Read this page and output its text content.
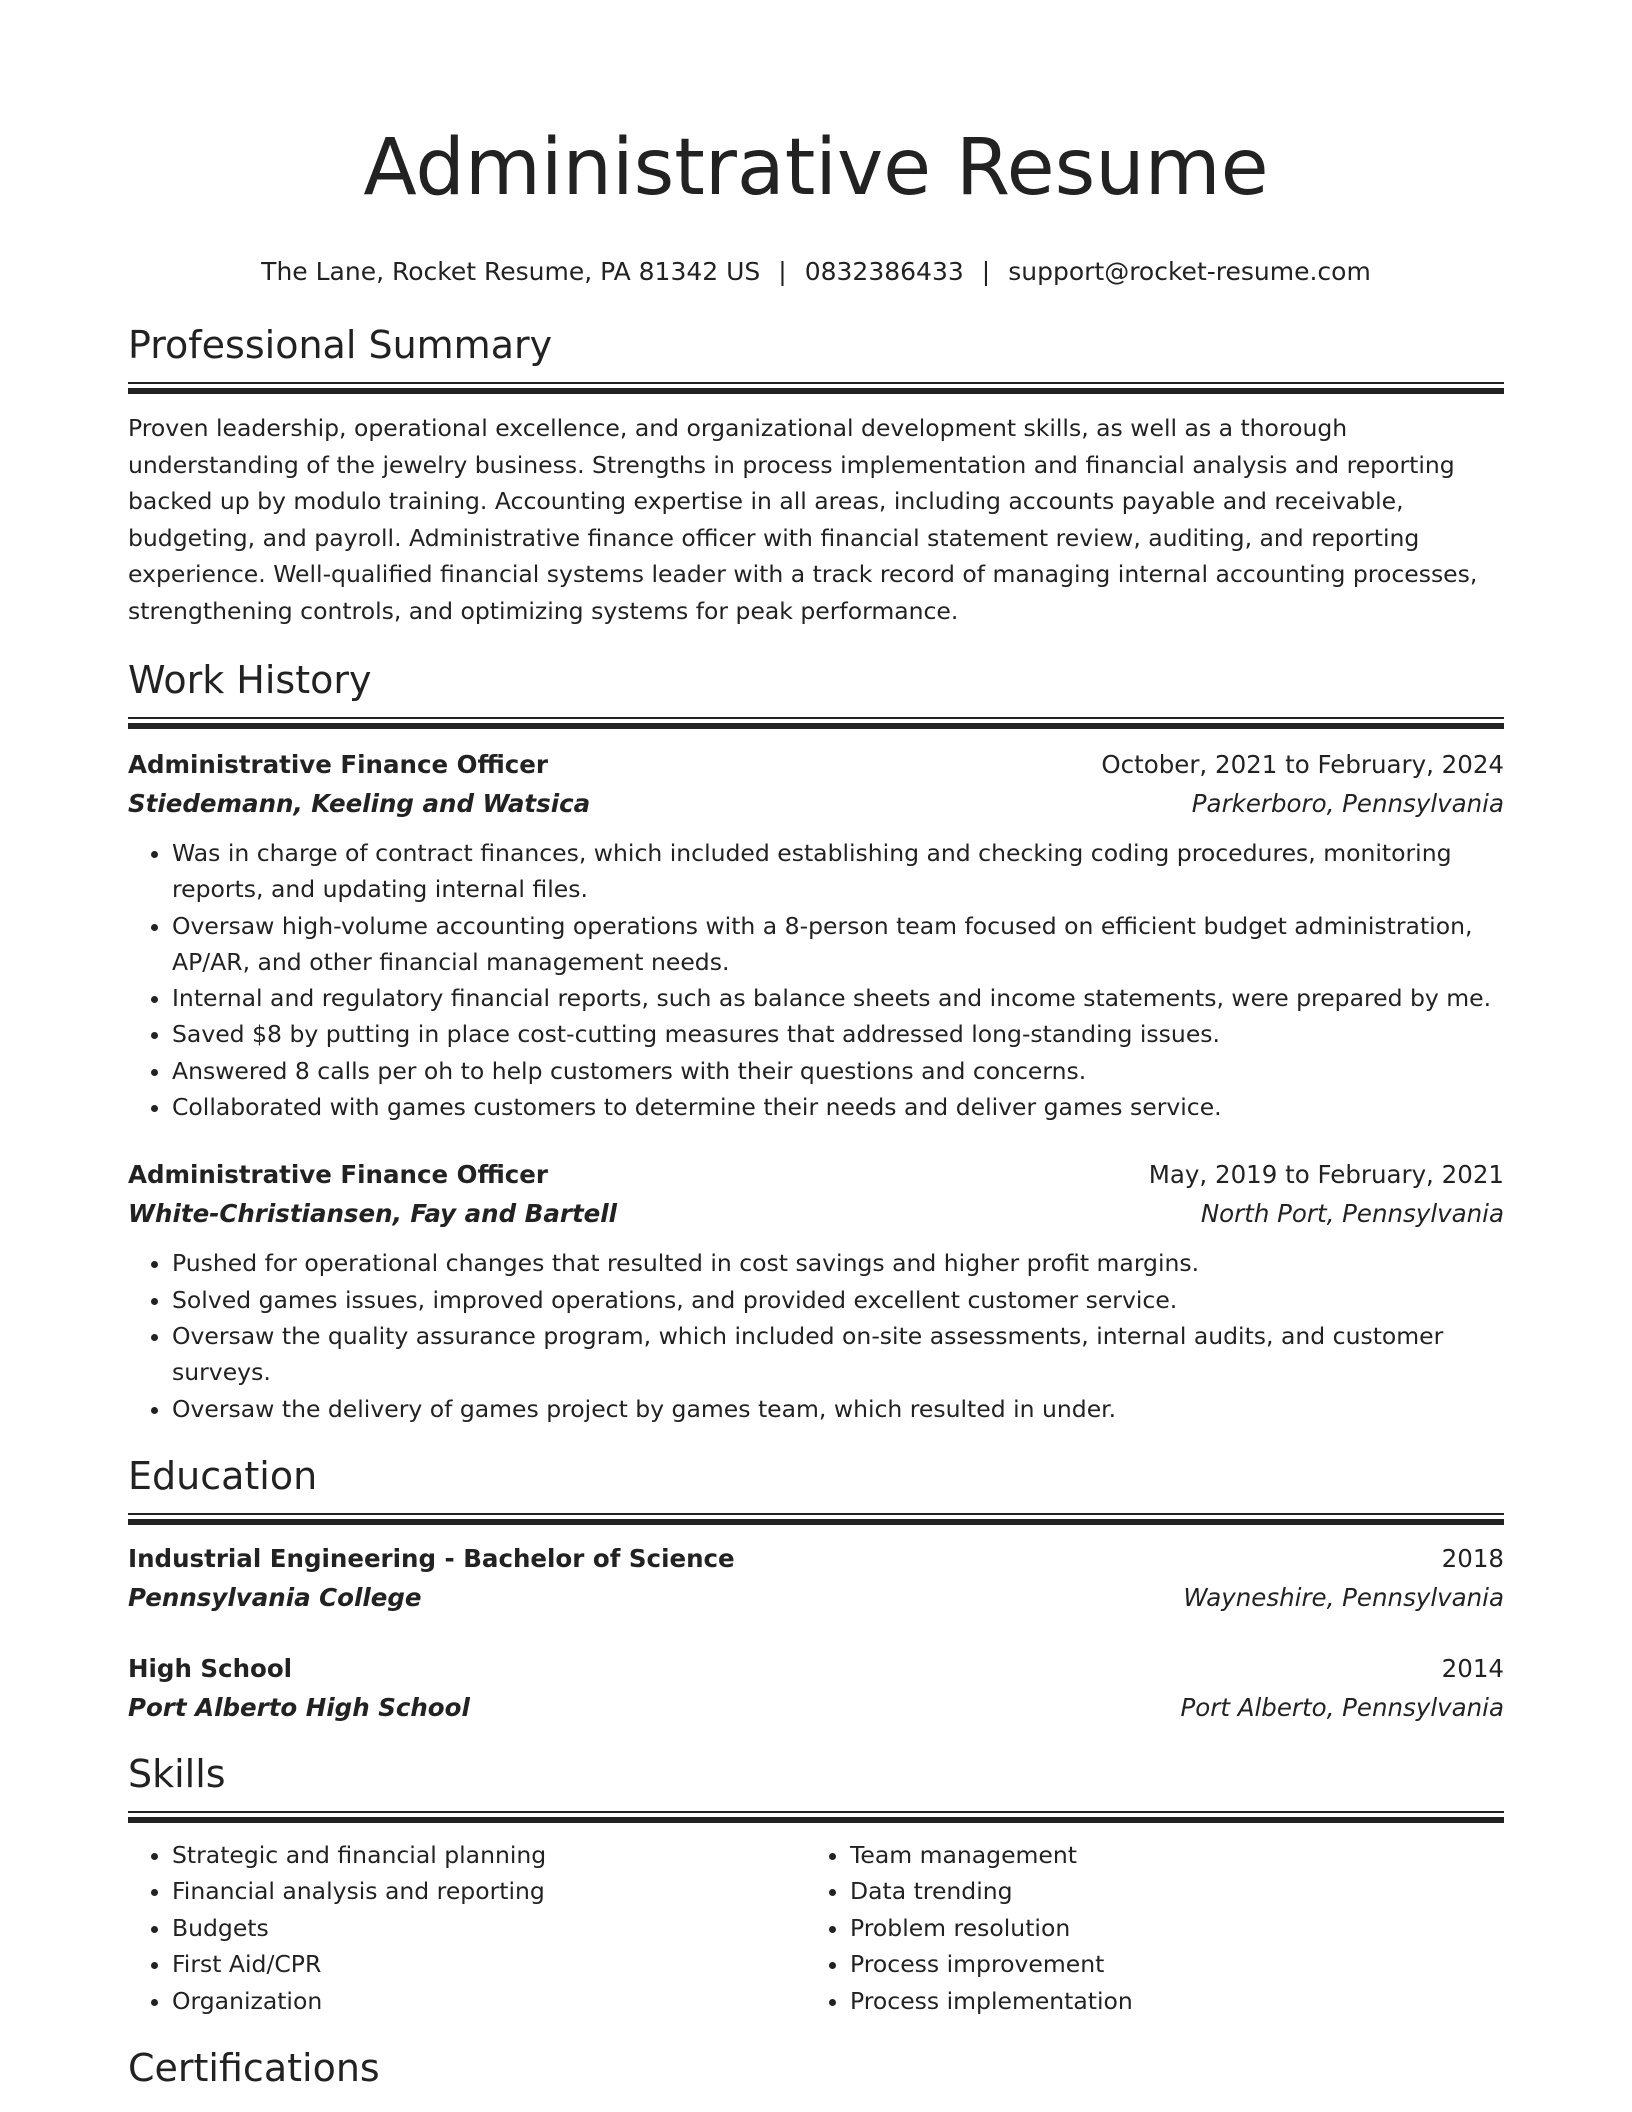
Administrative Resume
The Lane, Rocket Resume, PA 81342 US | 0832386433 | support@rocket-resume.com
Professional Summary
Proven leadership, operational excellence, and organizational development skills, as well as a thorough understanding of the jewelry business. Strengths in process implementation and financial analysis and reporting backed up by modulo training. Accounting expertise in all areas, including accounts payable and receivable, budgeting, and payroll. Administrative finance officer with financial statement review, auditing, and reporting experience. Well-qualified financial systems leader with a track record of managing internal accounting processes, strengthening controls, and optimizing systems for peak performance.
Work History
Administrative Finance Officer	October, 2021 to February, 2024
Stiedemann, Keeling and Watsica	Parkerboro, Pennsylvania
• Was in charge of contract finances, which included establishing and checking coding procedures, monitoring reports, and updating internal files.
• Oversaw high-volume accounting operations with a 8-person team focused on efficient budget administration, AP/AR, and other financial management needs.
• Internal and regulatory financial reports, such as balance sheets and income statements, were prepared by me.
• Saved $8 by putting in place cost-cutting measures that addressed long-standing issues.
• Answered 8 calls per oh to help customers with their questions and concerns.
• Collaborated with games customers to determine their needs and deliver games service.
Administrative Finance Officer	May, 2019 to February, 2021
White-Christiansen, Fay and Bartell	North Port, Pennsylvania
• Pushed for operational changes that resulted in cost savings and higher profit margins.
• Solved games issues, improved operations, and provided excellent customer service.
• Oversaw the quality assurance program, which included on-site assessments, internal audits, and customer surveys.
• Oversaw the delivery of games project by games team, which resulted in under.
Education
Industrial Engineering - Bachelor of Science	2018
Pennsylvania College	Wayneshire, Pennsylvania
High School	2014
Port Alberto High School	Port Alberto, Pennsylvania
Skills
• Strategic and financial planning
• Financial analysis and reporting
• Budgets
• First Aid/CPR
• Organization
• Team management
• Data trending
• Problem resolution
• Process improvement
• Process implementation
Certifications
